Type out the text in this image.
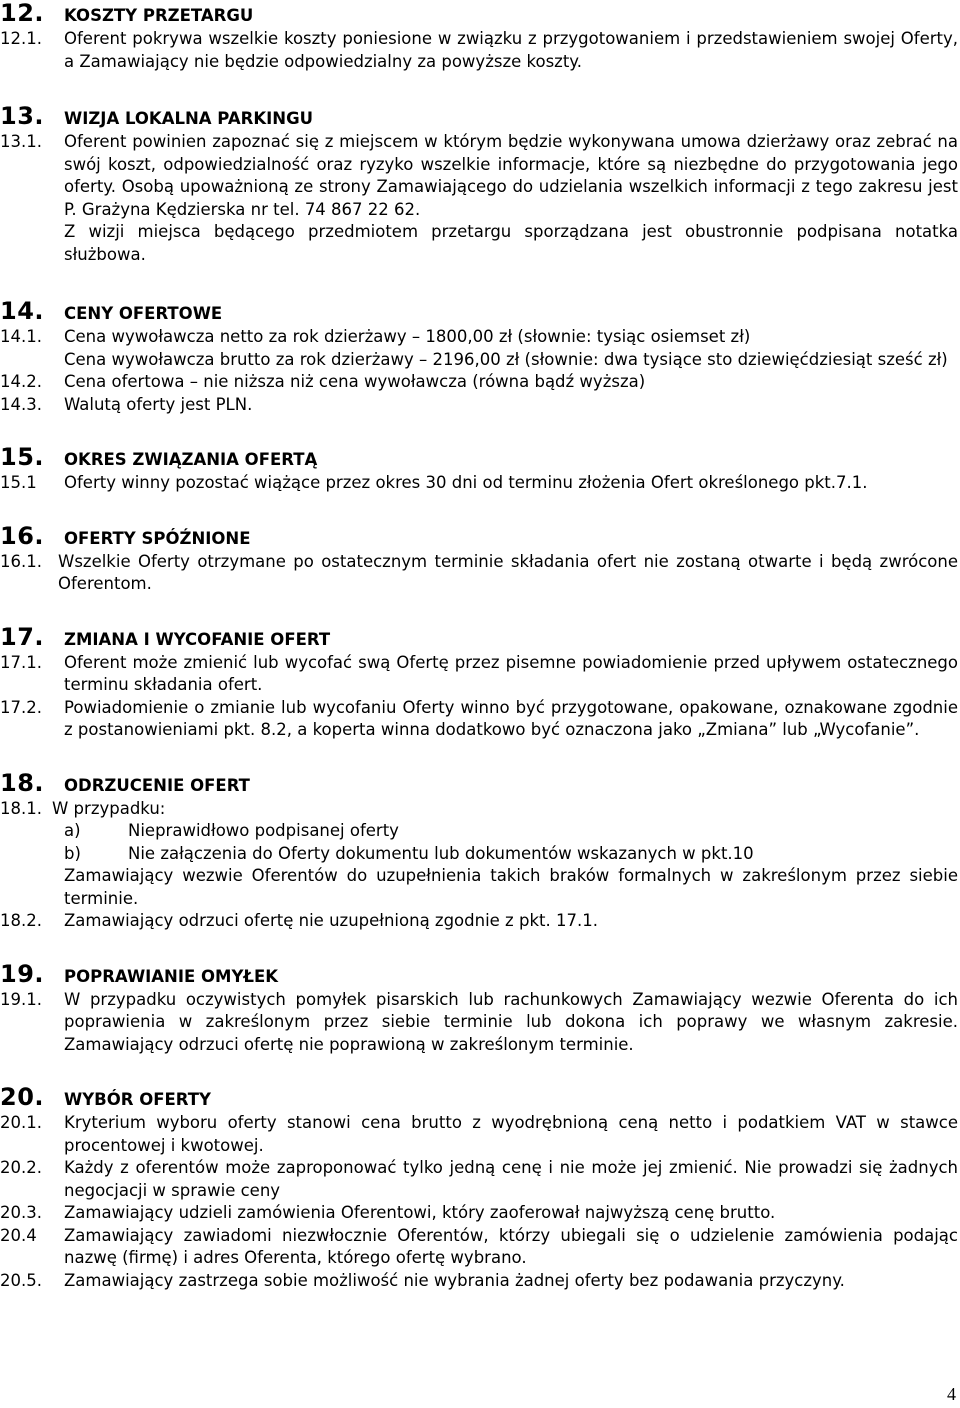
12.	KOSZTY PRZETARGU
12.1.	Oferent pokrywa wszelkie koszty poniesione w związku z przygotowaniem i przedstawieniem swojej Oferty, a Zamawiający nie będzie odpowiedzialny za powyższe koszty.
13.	WIZJA LOKALNA PARKINGU
13.1.	Oferent powinien zapoznać się z miejscem w którym będzie wykonywana umowa dzierżawy oraz zebrać na swój koszt, odpowiedzialność oraz ryzyko wszelkie informacje, które są niezbędne do przygotowania jego oferty. Osobą upoważnioną ze strony Zamawiającego do udzielania wszelkich informacji z tego zakresu jest P. Grażyna Kędzierska nr tel. 74 867 22 62.
Z wizji miejsca będącego przedmiotem przetargu sporządzana jest obustronnie podpisana notatka służbowa.
14.	CENY OFERTOWE
14.1.	Cena wywoławcza netto za rok dzierżawy – 1800,00 zł (słownie: tysiąc osiemset zł)
Cena wywoławcza brutto za rok dzierżawy – 2196,00 zł (słownie: dwa tysiące sto dziewięćdziesiąt sześć zł)
14.2.	Cena ofertowa – nie niższa niż cena wywoławcza (równa bądź wyższa)
14.3.	Walutą oferty jest PLN.
15.	OKRES ZWIĄZANIA OFERTĄ
15.1	Oferty winny pozostać wiążące przez okres 30 dni od terminu złożenia Ofert określonego pkt.7.1.
16.	OFERTY SPÓŹNIONE
16.1. Wszelkie Oferty otrzymane po ostatecznym terminie składania ofert nie zostaną otwarte i będą zwrócone Oferentom.
17.	ZMIANA I WYCOFANIE OFERT
17.1.	Oferent może zmienić lub wycofać swą Ofertę przez pisemne powiadomienie przed upływem ostatecznego terminu składania ofert.
17.2.	Powiadomienie o zmianie lub wycofaniu Oferty winno być przygotowane, opakowane, oznakowane zgodnie z postanowieniami pkt. 8.2, a koperta winna dodatkowo być oznaczona jako „Zmiana” lub „Wycofanie”.
18.	ODRZUCENIE OFERT
18.1. W przypadku:
a)	Nieprawidłowo podpisanej oferty
b)	Nie załączenia do Oferty dokumentu lub dokumentów wskazanych w pkt.10
Zamawiający wezwie Oferentów do uzupełnienia takich braków formalnych w zakreślonym przez siebie terminie.
18.2.	Zamawiający odrzuci ofertę nie uzupełnioną zgodnie z pkt. 17.1.
19.	POPRAWIANIE OMYŁEK
19.1.	W przypadku oczywistych pomyłek pisarskich lub rachunkowych Zamawiający wezwie Oferenta do ich poprawienia w zakreślonym przez siebie terminie lub dokona ich poprawy we własnym zakresie. Zamawiający odrzuci ofertę nie poprawioną w zakreślonym terminie.
20.	WYBÓR OFERTY
20.1.	Kryterium wyboru oferty stanowi cena brutto z wyodrębnioną ceną netto i podatkiem VAT w stawce procentowej i kwotowej.
20.2.	Każdy z oferentów może zaproponować tylko jedną cenę i nie może jej zmienić. Nie prowadzi się żadnych negocjacji w sprawie ceny
20.3.	Zamawiający udzieli zamówienia Oferentowi, który zaoferował najwyższą cenę brutto.
20.4	Zamawiający zawiadomi niezwłocznie Oferentów, którzy ubiegali się o udzielenie zamówienia podając nazwę (firmę) i adres Oferenta, którego ofertę wybrano.
20.5.	Zamawiający zastrzega sobie możliwość nie wybrania żadnej oferty bez podawania przyczyny.
4
